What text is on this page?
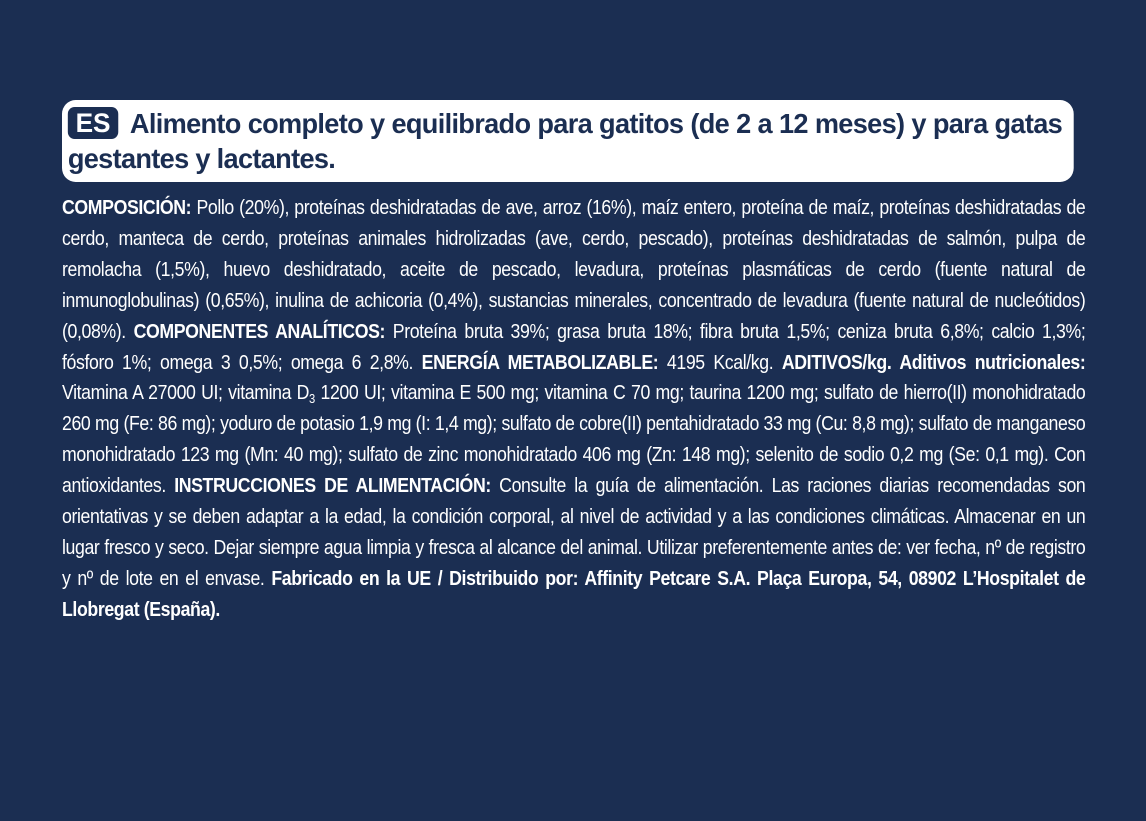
ES Alimento completo y equilibrado para gatitos (de 2 a 12 meses) y para gatas gestantes y lactantes.
COMPOSICIÓN: Pollo (20%), proteínas deshidratadas de ave, arroz (16%), maíz entero, proteína de maíz, proteínas deshidratadas de cerdo, manteca de cerdo, proteínas animales hidrolizadas (ave, cerdo, pescado), proteínas deshidratadas de salmón, pulpa de remolacha (1,5%), huevo deshidratado, aceite de pescado, levadura, proteínas plasmáticas de cerdo (fuente natural de inmunoglobulinas) (0,65%), inulina de achicoria (0,4%), sustancias minerales, concentrado de levadura (fuente natural de nucleótidos) (0,08%). COMPONENTES ANALÍTICOS: Proteína bruta 39%; grasa bruta 18%; fibra bruta 1,5%; ceniza bruta 6,8%; calcio 1,3%; fósforo 1%; omega 3 0,5%; omega 6 2,8%. ENERGÍA METABOLIZABLE: 4195 Kcal/kg. ADITIVOS/kg. Aditivos nutricionales: Vitamina A 27000 UI; vitamina $D_3$ 1200 UI; vitamina E 500 mg; vitamina C 70 mg; taurina 1200 mg; sulfato de hierro(II) monohidratado 260 mg (Fe: 86 mg); yoduro de potasio 1,9 mg (I: 1,4 mg); sulfato de cobre(II) pentahidratado 33 mg (Cu: 8,8 mg); sulfato de manganeso monohidratado 123 mg (Mn: 40 mg); sulfato de zinc monohidratado 406 mg (Zn: 148 mg); selenito de sodio 0,2 mg (Se: 0,1 mg). Con antioxidantes. INSTRUCCIONES DE ALIMENTACIÓN: Consulte la guía de alimentación. Las raciones diarias recomendadas son orientativas y se deben adaptar a la edad, la condición corporal, al nivel de actividad y a las condiciones climáticas. Almacenar en un lugar fresco y seco. Dejar siempre agua limpia y fresca al alcance del animal. Utilizar preferentemente antes de: ver fecha, nº de registro y nº de lote en el envase. Fabricado en la UE / Distribuido por: Affinity Petcare S.A. Plaça Europa, 54, 08902 L’Hospitalet de Llobregat (España).
